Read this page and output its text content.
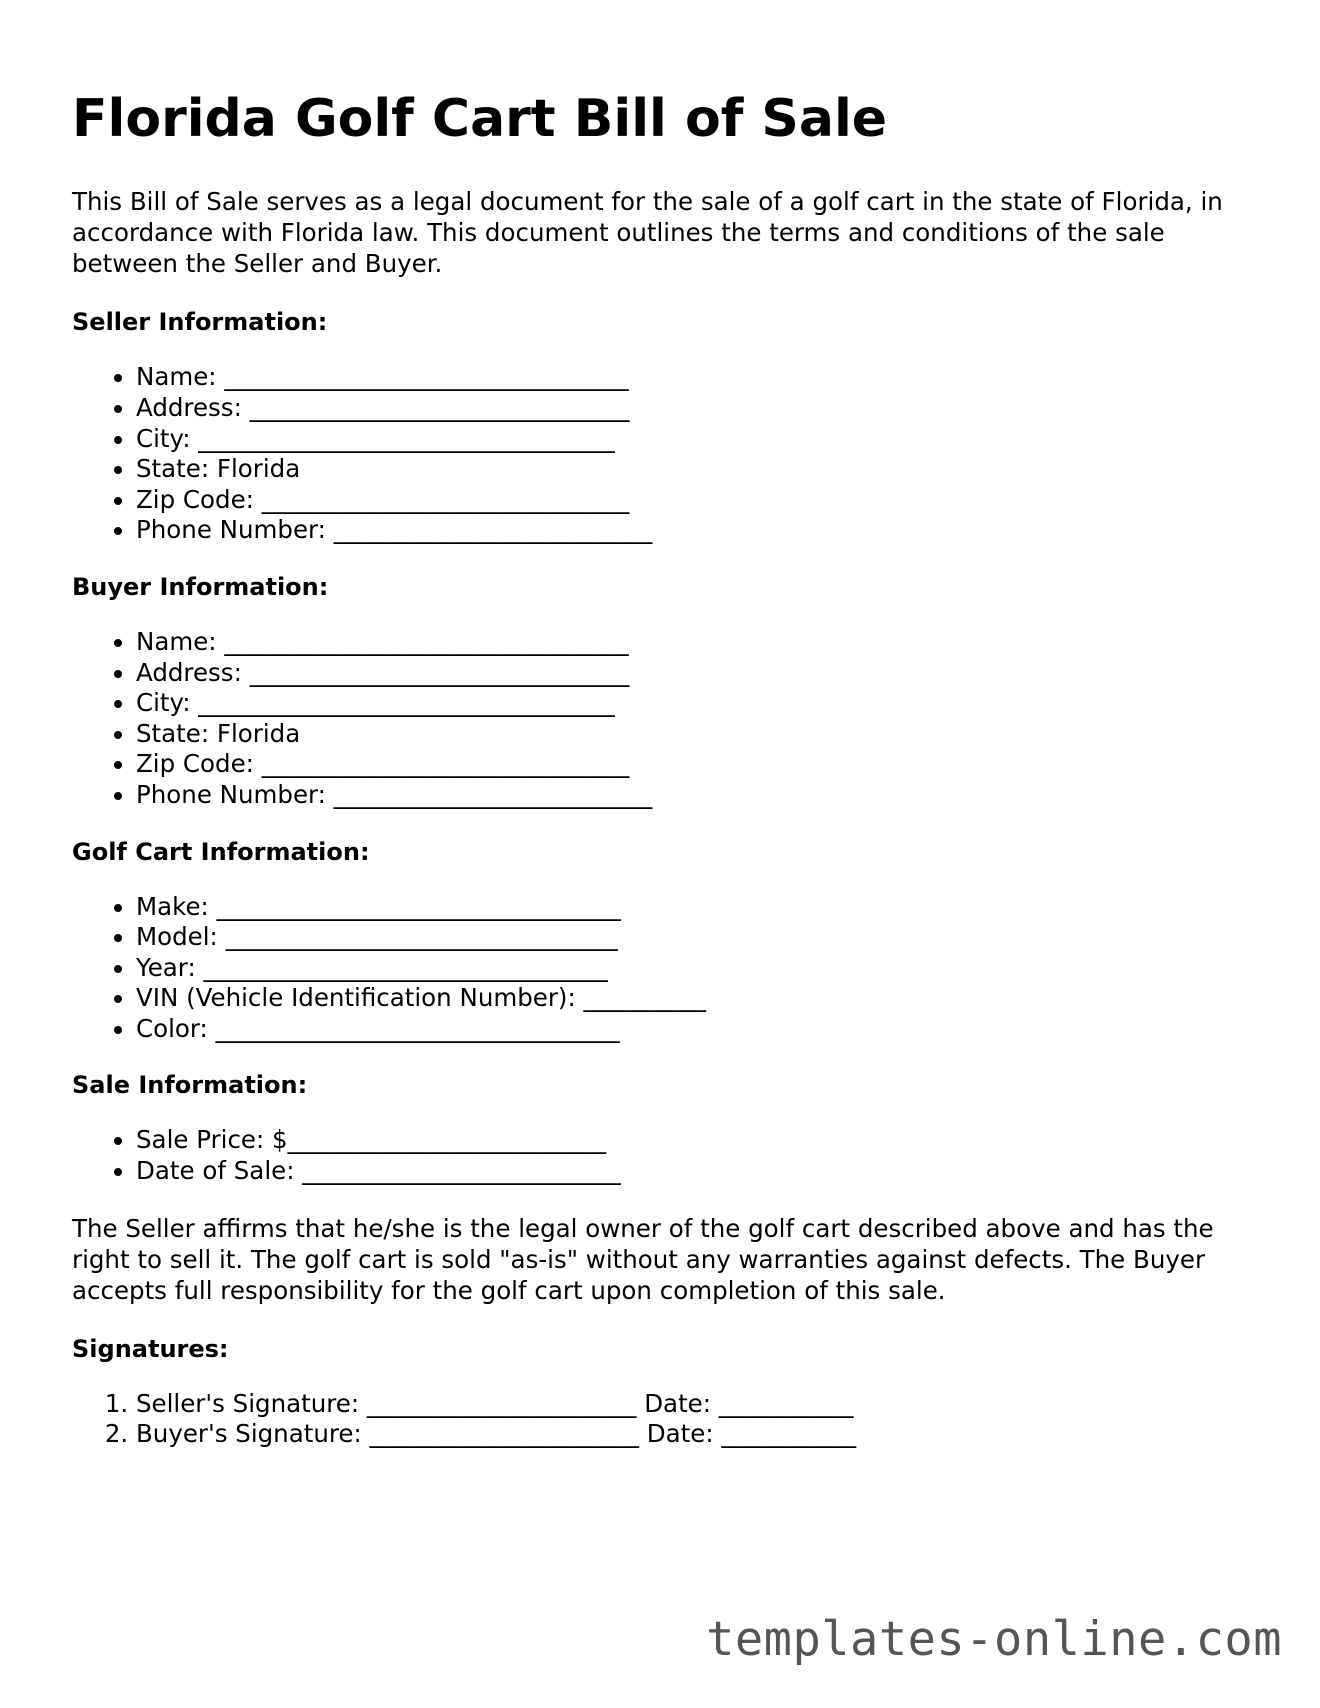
Florida Golf Cart Bill of Sale

This Bill of Sale serves as a legal document for the sale of a golf cart in the state of Florida, in accordance with Florida law. This document outlines the terms and conditions of the sale between the Seller and Buyer.

Seller Information:
• Name: _________________________________
• Address: _______________________________
• City: __________________________________
• State: Florida
• Zip Code: ______________________________
• Phone Number: __________________________
Buyer Information:
• Name: _________________________________
• Address: _______________________________
• City: __________________________________
• State: Florida
• Zip Code: ______________________________
• Phone Number: __________________________
Golf Cart Information:
• Make: _________________________________
• Model: ________________________________
• Year: _________________________________
• VIN (Vehicle Identification Number): __________
• Color: _________________________________
Sale Information:
• Sale Price: $__________________________
• Date of Sale: __________________________

The Seller affirms that he/she is the legal owner of the golf cart described above and has the right to sell it. The golf cart is sold "as-is" without any warranties against defects. The Buyer accepts full responsibility for the golf cart upon completion of this sale.

Signatures:
1. Seller's Signature: ______________________ Date: ___________
2. Buyer's Signature: ______________________ Date: ___________
templates-online.com
